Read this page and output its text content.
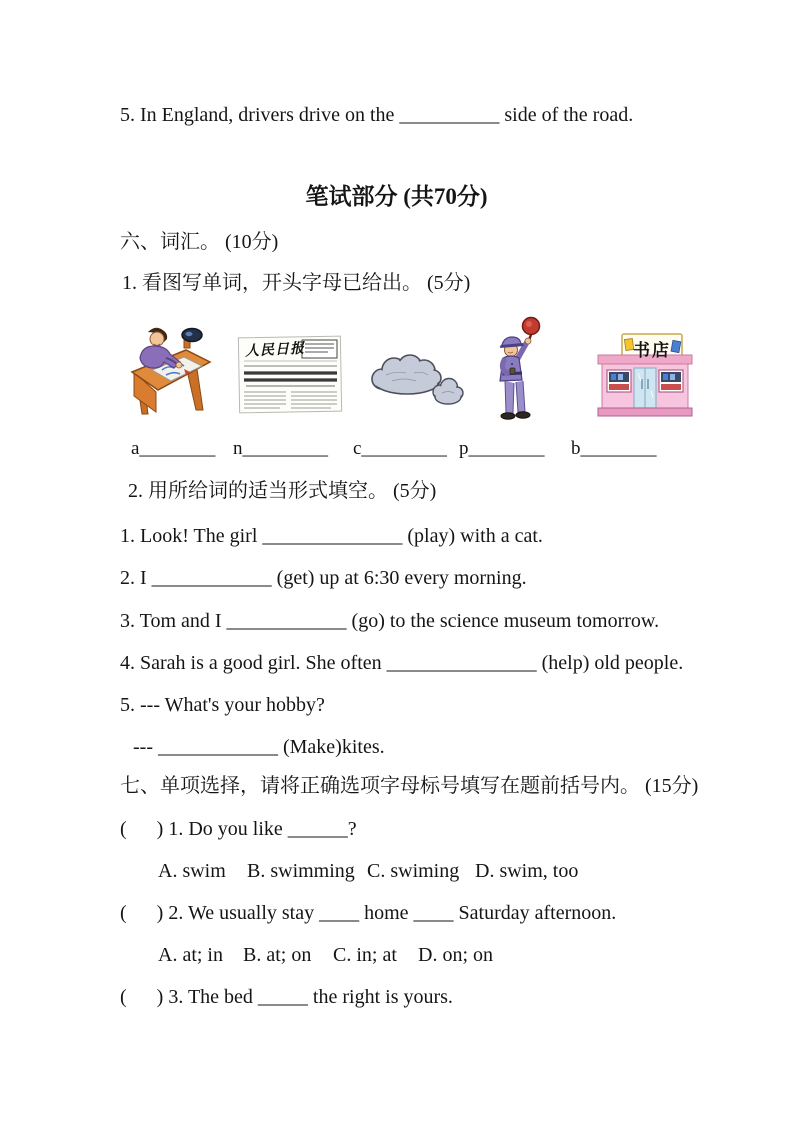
5. In England, drivers drive on the __________ side of the road.
笔试部分 (共70分)
六、词汇。 (10分)
1. 看图写单词，开头字母已给出。 (5分)
人民日报	书店
a________ n_________ c_________ p________ b________
2. 用所给词的适当形式填空。 (5分)
1. Look! The girl ______________ (play) with a cat.
2. I ____________ (get) up at 6:30 every morning.
3. Tom and I ____________ (go) to the science museum tomorrow.
4. Sarah is a good girl. She often _______________ (help) old people.
5. --- What's your hobby?
--- ____________ (Make)kites.
七、单项选择，请将正确选项字母标号填写在题前括号内。 (15分)
(      ) 1. Do you like ______?
A. swim B. swimming C. swiming D. swim, too
(      ) 2. We usually stay ____ home ____ Saturday afternoon.
A. at; in B. at; on C. in; at D. on; on
(      ) 3. The bed _____ the right is yours.
